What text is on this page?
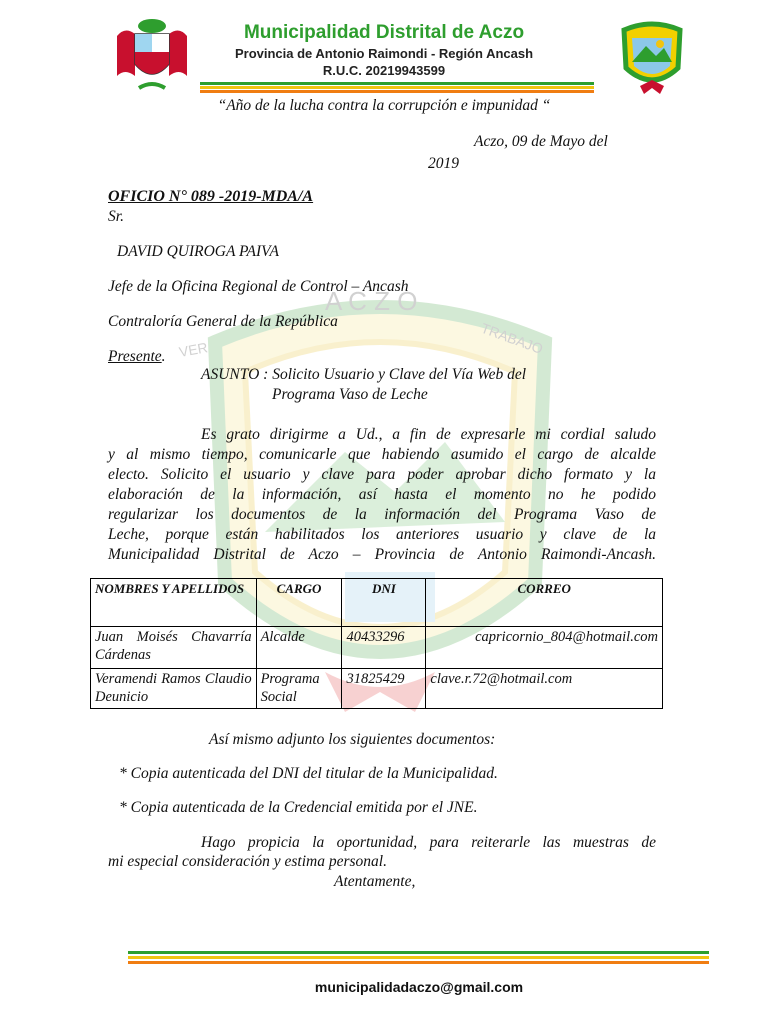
A C Z O
TRABAJO
VER
Municipalidad Distrital de Aczo
Provincia de Antonio Raimondi - Región Ancash
R.U.C. 20219943599
“Año de la lucha contra la corrupción e impunidad “
Aczo, 09 de Mayo del
2019
OFICIO N° 089 -2019-MDA/A
Sr.
DAVID QUIROGA PAIVA
Jefe de la Oficina Regional de Control – Ancash
Contraloría General de la República
Presente.
ASUNTO : Solicito Usuario y Clave del Vía Web del
Programa Vaso de Leche
Es grato dirigirme a Ud., a fin de expresarle mi cordial saludo
y al mismo tiempo, comunicarle que habiendo asumido el cargo de alcalde
electo. Solicito el usuario y clave para poder aprobar dicho formato y la
elaboración de la información, así hasta el momento no he podido
regularizar los documentos de la información del Programa Vaso de
Leche, porque están habilitados los anteriores usuario y clave de la
Municipalidad Distrital de Aczo – Provincia de Antonio Raimondi-Ancash.
NOMBRES Y APELLIDOS	CARGO	DNI	CORREO
Juan Moisés Chavarría Cárdenas	Alcalde	40433296	capricornio_804@hotmail.com
Veramendi Ramos Claudio Deunicio	Programa Social	31825429	clave.r.72@hotmail.com
Así mismo adjunto los siguientes documentos:
* Copia autenticada del DNI del titular de la Municipalidad.
* Copia autenticada de la Credencial emitida por el JNE.
Hago propicia la oportunidad, para reiterarle las muestras de
mi especial consideración y estima personal.
Atentamente,
municipalidadaczo@gmail.com
